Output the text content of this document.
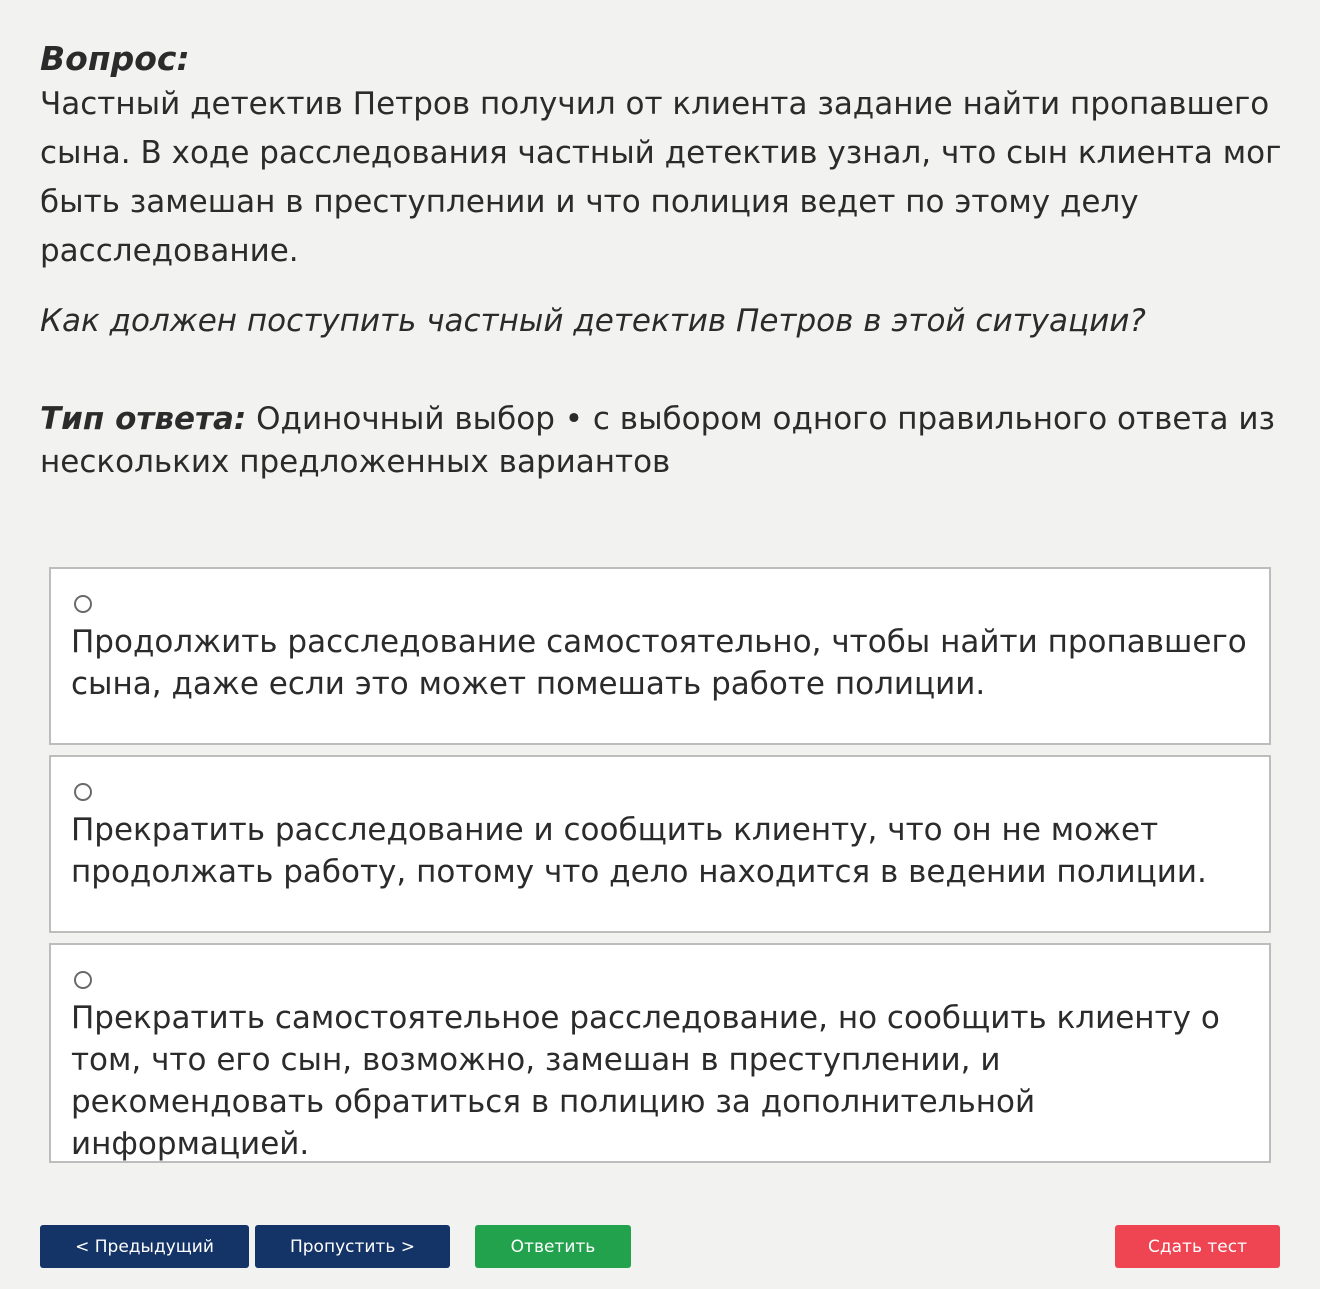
Вопрос:

Частный детектив Петров получил от клиента задание найти пропавшего сына. В ходе расследования частный детектив узнал, что сын клиента мог быть замешан в преступлении и что полиция ведет по этому делу расследование.

Как должен поступить частный детектив Петров в этой ситуации?

Тип ответа: Одиночный выбор • с выбором одного правильного ответа из нескольких предложенных вариантов

Продолжить расследование самостоятельно, чтобы найти пропавшего сына, даже если это может помешать работе полиции.
Прекратить расследование и сообщить клиенту, что он не может продолжать работу, потому что дело находится в ведении полиции.
Прекратить самостоятельное расследование, но сообщить клиенту о том, что его сын, возможно, замешан в преступлении, и рекомендовать обратиться в полицию за дополнительной информацией.
< Предыдущий	Пропустить >	Ответить	Сдать тест
